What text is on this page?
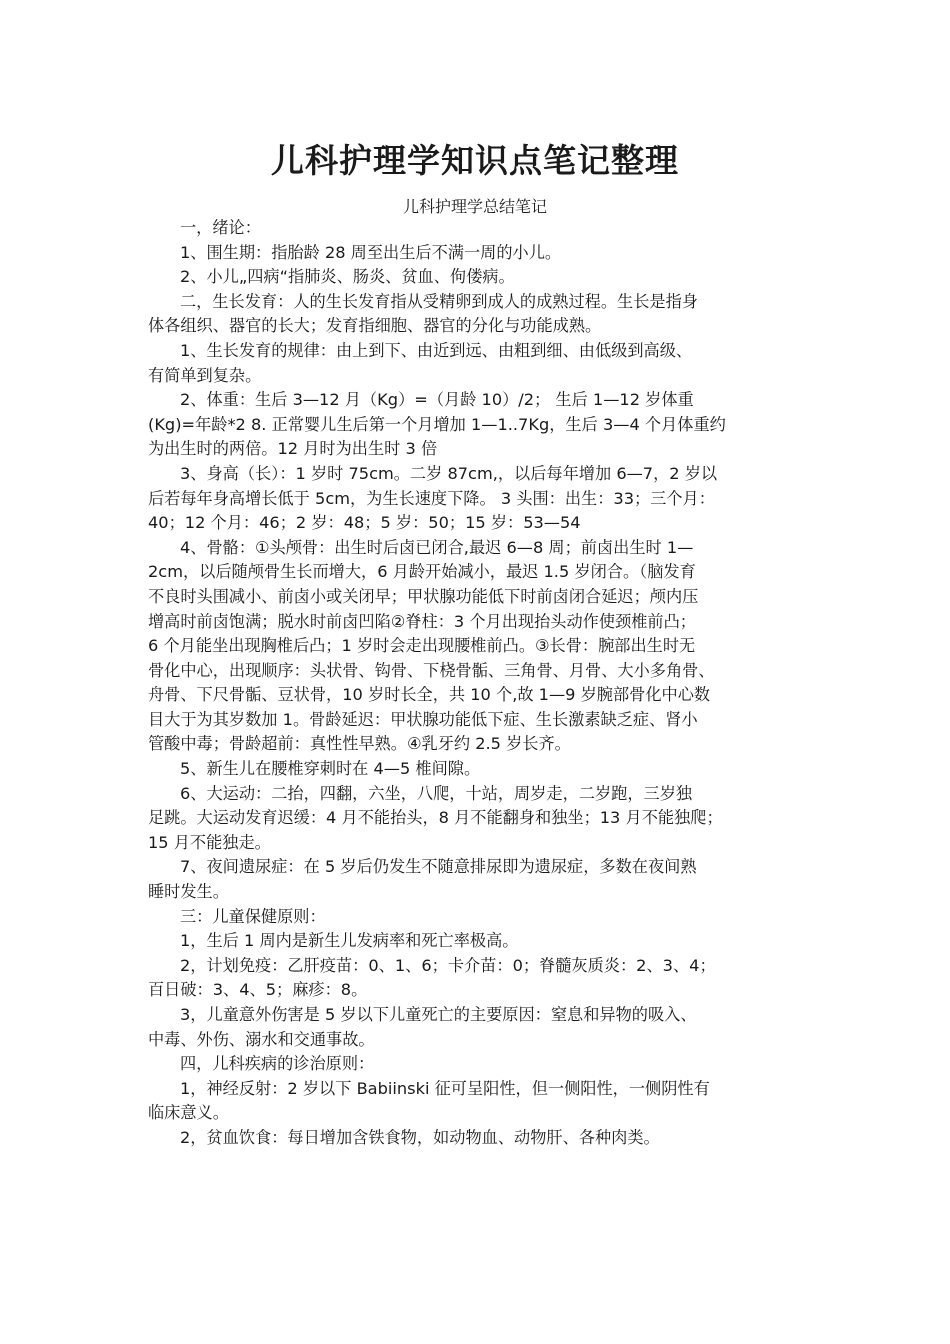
儿科护理学知识点笔记整理
儿科护理学总结笔记

一，绪论：

1、围生期：指胎龄 28 周至出生后不满一周的小儿。

2、小儿„四病“指肺炎、肠炎、贫血、佝偻病。

二，生长发育：人的生长发育指从受精卵到成人的成熟过程。生长是指身

体各组织、器官的长大；发育指细胞、器官的分化与功能成熟。

1、生长发育的规律：由上到下、由近到远、由粗到细、由低级到高级、

有简单到复杂。

2、体重：生后 3—12 月（Kg）=（月龄 10）/2； 生后 1—12 岁体重

(Kg)=年龄*2 8. 正常婴儿生后第一个月增加 1—1..7Kg，生后 3—4 个月体重约

为出生时的两倍。12 月时为出生时 3 倍

3、身高（长）：1 岁时 75cm。二岁 87cm,，以后每年增加 6—7，2 岁以

后若每年身高增长低于 5cm，为生长速度下降。 3 头围：出生：33；三个月：

40；12 个月：46；2 岁：48；5 岁：50；15 岁：53—54

4、骨骼：①头颅骨：出生时后卤已闭合,最迟 6—8 周；前卤出生时 1—

2cm，以后随颅骨生长而增大，6 月龄开始减小，最迟 1.5 岁闭合。（脑发育

不良时头围减小、前卤小或关闭早；甲状腺功能低下时前卤闭合延迟；颅内压

增高时前卤饱满；脱水时前卤凹陷②脊柱：3 个月出现抬头动作使颈椎前凸；

6 个月能坐出现胸椎后凸；1 岁时会走出现腰椎前凸。③长骨：腕部出生时无

骨化中心，出现顺序：头状骨、钩骨、下桡骨骺、三角骨、月骨、大小多角骨、

舟骨、下尺骨骺、豆状骨，10 岁时长全，共 10 个,故 1—9 岁腕部骨化中心数

目大于为其岁数加 1。骨龄延迟：甲状腺功能低下症、生长激素缺乏症、肾小

管酸中毒；骨龄超前：真性性早熟。④乳牙约 2.5 岁长齐。

5、新生儿在腰椎穿刺时在 4—5 椎间隙。

6、大运动：二抬，四翻，六坐，八爬，十站，周岁走，二岁跑，三岁独

足跳。大运动发育迟缓：4 月不能抬头，8 月不能翻身和独坐；13 月不能独爬；

15 月不能独走。

7、夜间遗尿症：在 5 岁后仍发生不随意排尿即为遗尿症，多数在夜间熟

睡时发生。

三：儿童保健原则：

1，生后 1 周内是新生儿发病率和死亡率极高。

2，计划免疫：乙肝疫苗：0、1、6；卡介苗：0；脊髓灰质炎：2、3、4；

百日破：3、4、5；麻疹：8。

3，儿童意外伤害是 5 岁以下儿童死亡的主要原因：窒息和异物的吸入、

中毒、外伤、溺水和交通事故。

四，儿科疾病的诊治原则：

1，神经反射：2 岁以下 Babiinski 征可呈阳性，但一侧阳性，一侧阴性有

临床意义。

2，贫血饮食：每日增加含铁食物，如动物血、动物肝、各种肉类。
